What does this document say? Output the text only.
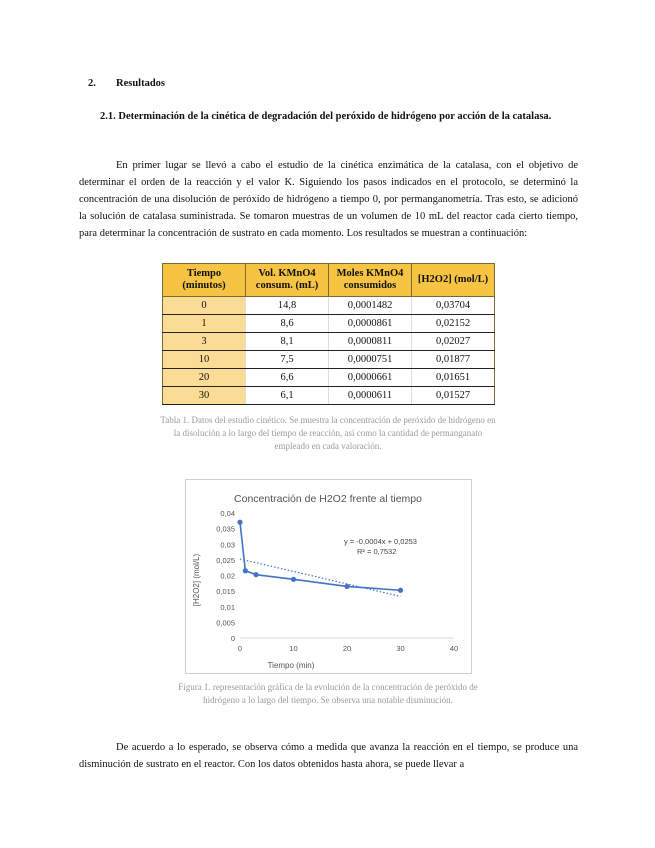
2. Resultados
2.1. Determinación de la cinética de degradación del peróxido de hidrógeno por acción de la catalasa.
En primer lugar se llevó a cabo el estudio de la cinética enzimática de la catalasa, con el objetivo de determinar el orden de la reacción y el valor K. Siguiendo los pasos indicados en el protocolo, se determinó la concentración de una disolución de peróxido de hidrógeno a tiempo 0, por permanganometría. Tras esto, se adicionó la solución de catalasa suministrada. Se tomaron muestras de un volumen de 10 mL del reactor cada cierto tiempo, para determinar la concentración de sustrato en cada momento. Los resultados se muestran a continuación:
Tiempo (minutos)	Vol. KMnO4 consum. (mL)	Moles KMnO4 consumidos	[H2O2] (mol/L)
0	14,8	0,0001482	0,03704
1	8,6	0,0000861	0,02152
3	8,1	0,0000811	0,02027
10	7,5	0,0000751	0,01877
20	6,6	0,0000661	0,01651
30	6,1	0,0000611	0,01527
Tabla 1. Datos del estudio cinético. Se muestra la concentración de peróxido de hidrógeno en la disolución a lo largo del tiempo de reacción, así como la cantidad de permanganato empleado en cada valoración.
Concentración de H2O2 frente al tiempo
Tiempo (min)
[H2O2] (mol/L)
y = -0,0004x + 0,0253
R² = 0,7532
0
0,005
0,01
0,015
0,02
0,025
0,03
0,035
0,04
0	10	20	30	40
Figura 1. representación gráfica de la evolución de la concentración de peróxido de hidrógeno a lo largo del tiempo. Se observa una notable disminución.
De acuerdo a lo esperado, se observa cómo a medida que avanza la reacción en el tiempo, se produce una disminución de sustrato en el reactor. Con los datos obtenidos hasta ahora, se puede llevar a
